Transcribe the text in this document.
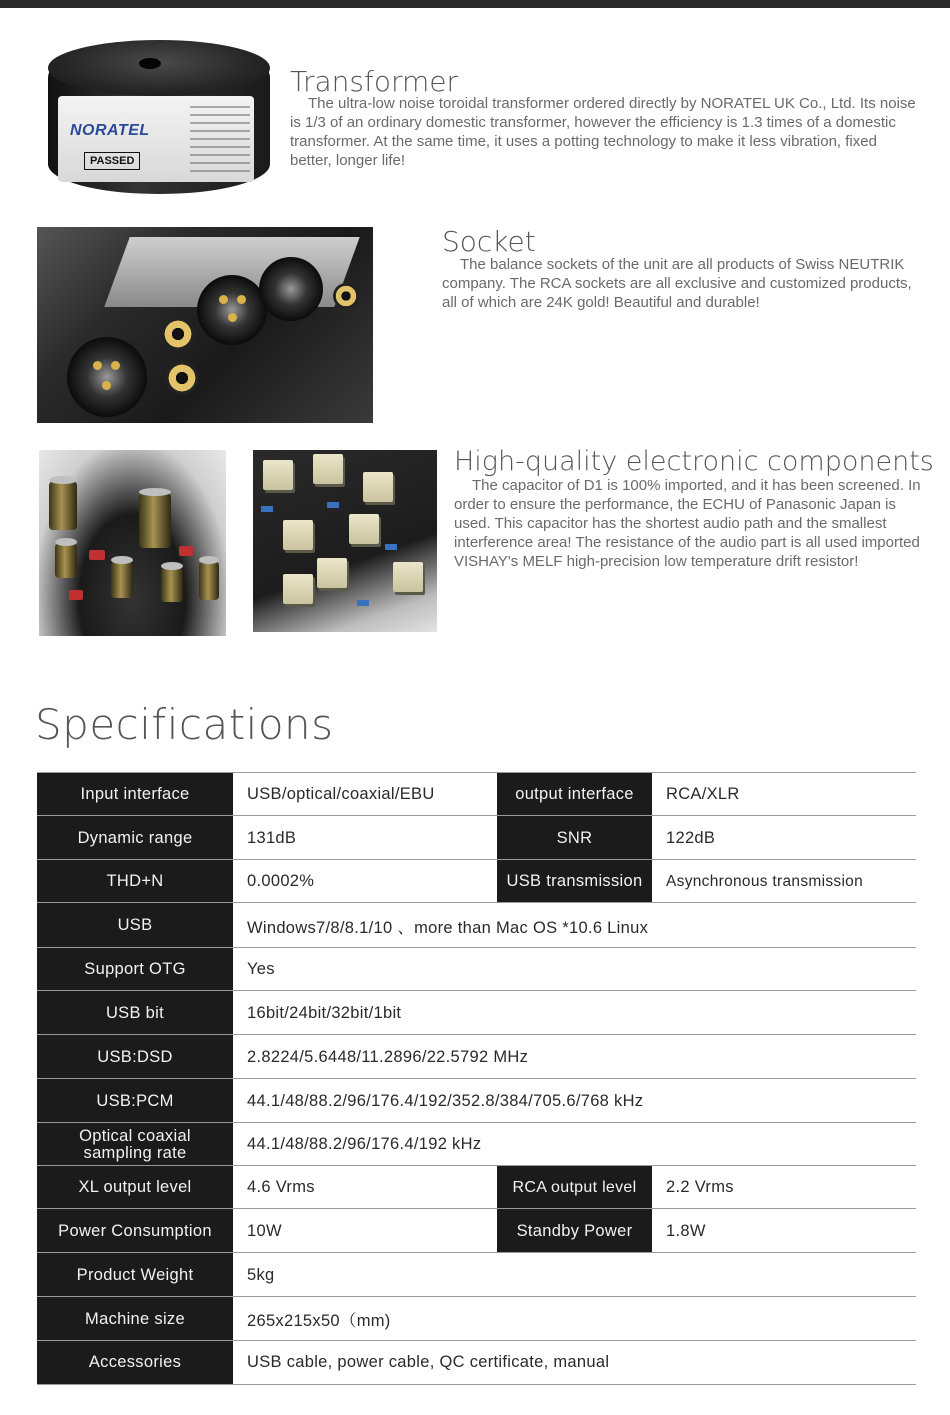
NORATEL
PASSED
Transformer

The ultra-low noise toroidal transformer ordered directly by NORATEL UK Co., Ltd. Its noise is 1/3 of an ordinary domestic transformer, however the efficiency is 1.3 times of a domestic transformer. At the same time, it uses a potting technology to make it less vibration, fixed better, longer life!

Socket

The balance sockets of the unit are all products of Swiss NEUTRIK company. The RCA sockets are all exclusive and customized products, all of which are 24K gold! Beautiful and durable!

High-quality electronic components

The capacitor of D1 is 100% imported, and it has been screened. In order to ensure the performance, the ECHU of Panasonic Japan is used. This capacitor has the shortest audio path and the smallest interference area! The resistance of the audio part is all used imported VISHAY's MELF high-precision low temperature drift resistor!

Specifications
Input interface	USB/optical/coaxial/EBU	output interface	RCA/XLR
Dynamic range	131dB	SNR	122dB
THD+N	0.0002%	USB transmission	Asynchronous transmission
USB	Windows7/8/8.1/10 、more than Mac OS *10.6 Linux
Support OTG	Yes
USB bit	16bit/24bit/32bit/1bit
USB:DSD	2.8224/5.6448/11.2896/22.5792 MHz
USB:PCM	44.1/48/88.2/96/176.4/192/352.8/384/705.6/768 kHz
Optical coaxial sampling rate	44.1/48/88.2/96/176.4/192 kHz
XL output level	4.6 Vrms	RCA output level	2.2 Vrms
Power Consumption	10W	Standby Power	1.8W
Product Weight	5kg
Machine size	265x215x50（mm)
Accessories	USB cable, power cable, QC certificate, manual
